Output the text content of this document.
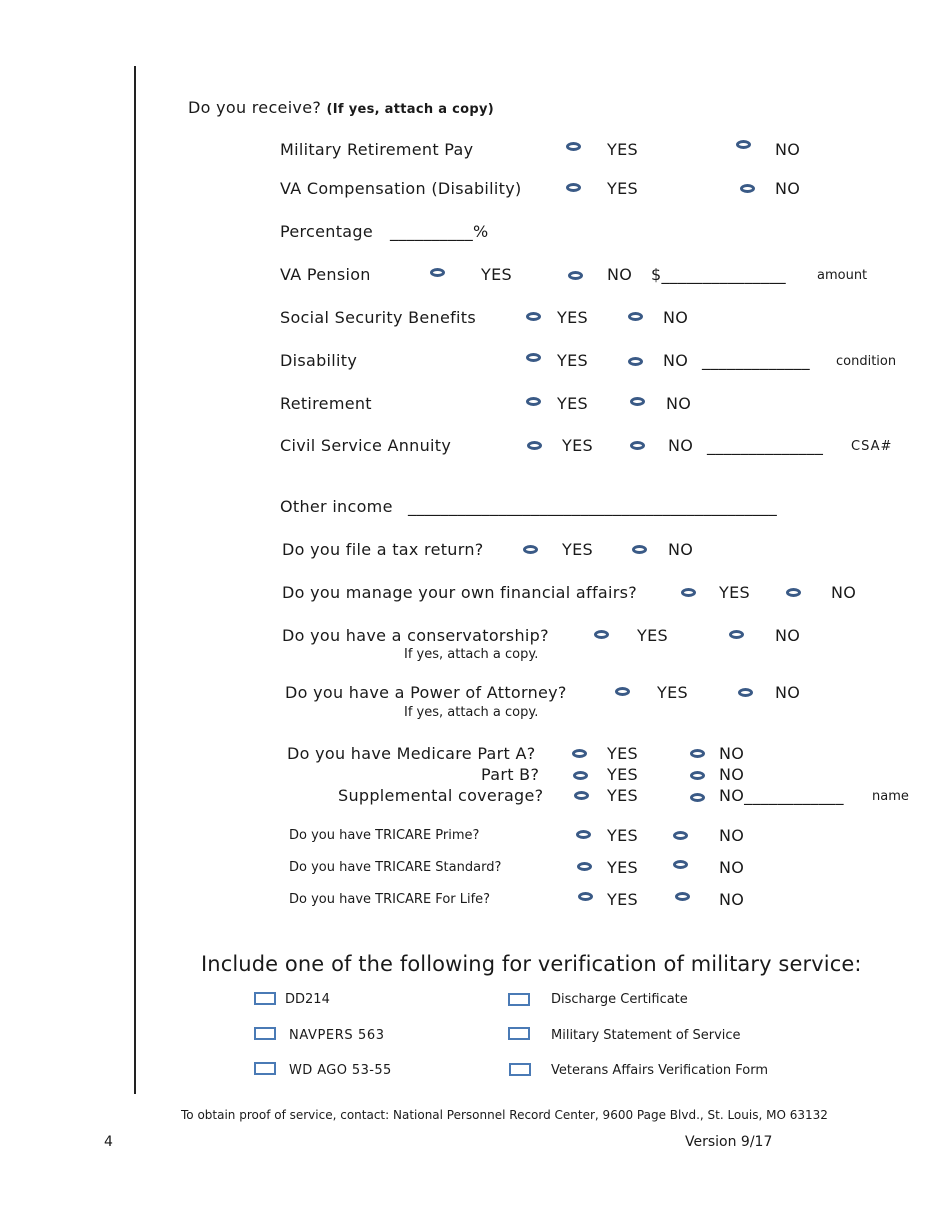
Do you receive? (If yes, attach a copy)
Military Retirement Pay	YES	NO
VA Compensation (Disability)	YES	NO
Percentage __________%
VA Pension	YES	NO $_______________ amount
Social Security Benefits	YES	NO
Disability	YES	NO _____________ condition
Retirement	YES	NO
Civil Service Annuity	YES	NO ______________ CSA#
Other income _____________________________________________
Do you file a tax return?	YES	NO
Do you manage your own financial affairs?	YES	NO
Do you have a conservatorship?	YES	NO
If yes, attach a copy.
Do you have a Power of Attorney?	YES	NO
If yes, attach a copy.
Do you have Medicare Part A?	YES	NO
Part B?	YES	NO
Supplemental coverage?	YES	NO____________ name
Do you have TRICARE Prime?	YES	NO
Do you have TRICARE Standard?	YES	NO
Do you have TRICARE For Life?	YES	NO
Include one of the following for verification of military service:
DD214	Discharge Certificate
NAVPERS 563	Military Statement of Service
WD AGO 53-55	Veterans Affairs Verification Form
To obtain proof of service, contact: National Personnel Record Center, 9600 Page Blvd., St. Louis, MO 63132
4	Version 9/17
